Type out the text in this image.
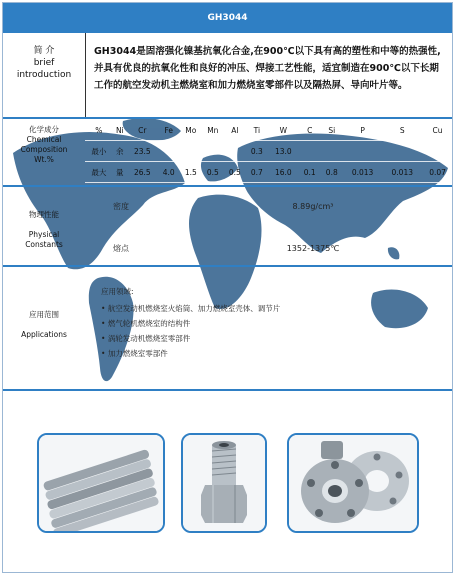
GH3044
简 介
brief
introduction
GH3044是固溶强化镍基抗氧化合金,在900℃以下具有高的塑性和中等的热强性,并具有优良的抗氧化性和良好的冲压、焊接工艺性能，适宜制造在900℃以下长期工作的航空发动机主燃烧室和加力燃烧室零部件以及隔热屏、导向叶片等。
化学成分
Chemical
Composition
Wt.%
%	Ni	Cr	Fe	Mo	Mn	Al	Ti	W	C	Si	P	S	Cu
最小	余	23.5					0.3	13.0					
最大	量	26.5	4.0	1.5	0.5	0.5	0.7	16.0	0.1	0.8	0.013	0.013	0.07
物理性能
Physical
Constants
密度	8.89g/cm³
熔点	1352-1375℃
应用范围
Applications
应用领域:
• 航空发动机燃烧室火焰筒、加力燃烧室壳体、调节片
• 燃气轮机燃烧室的结构件
• 涡轮发动机燃烧室零部件
• 加力燃烧室零部件
